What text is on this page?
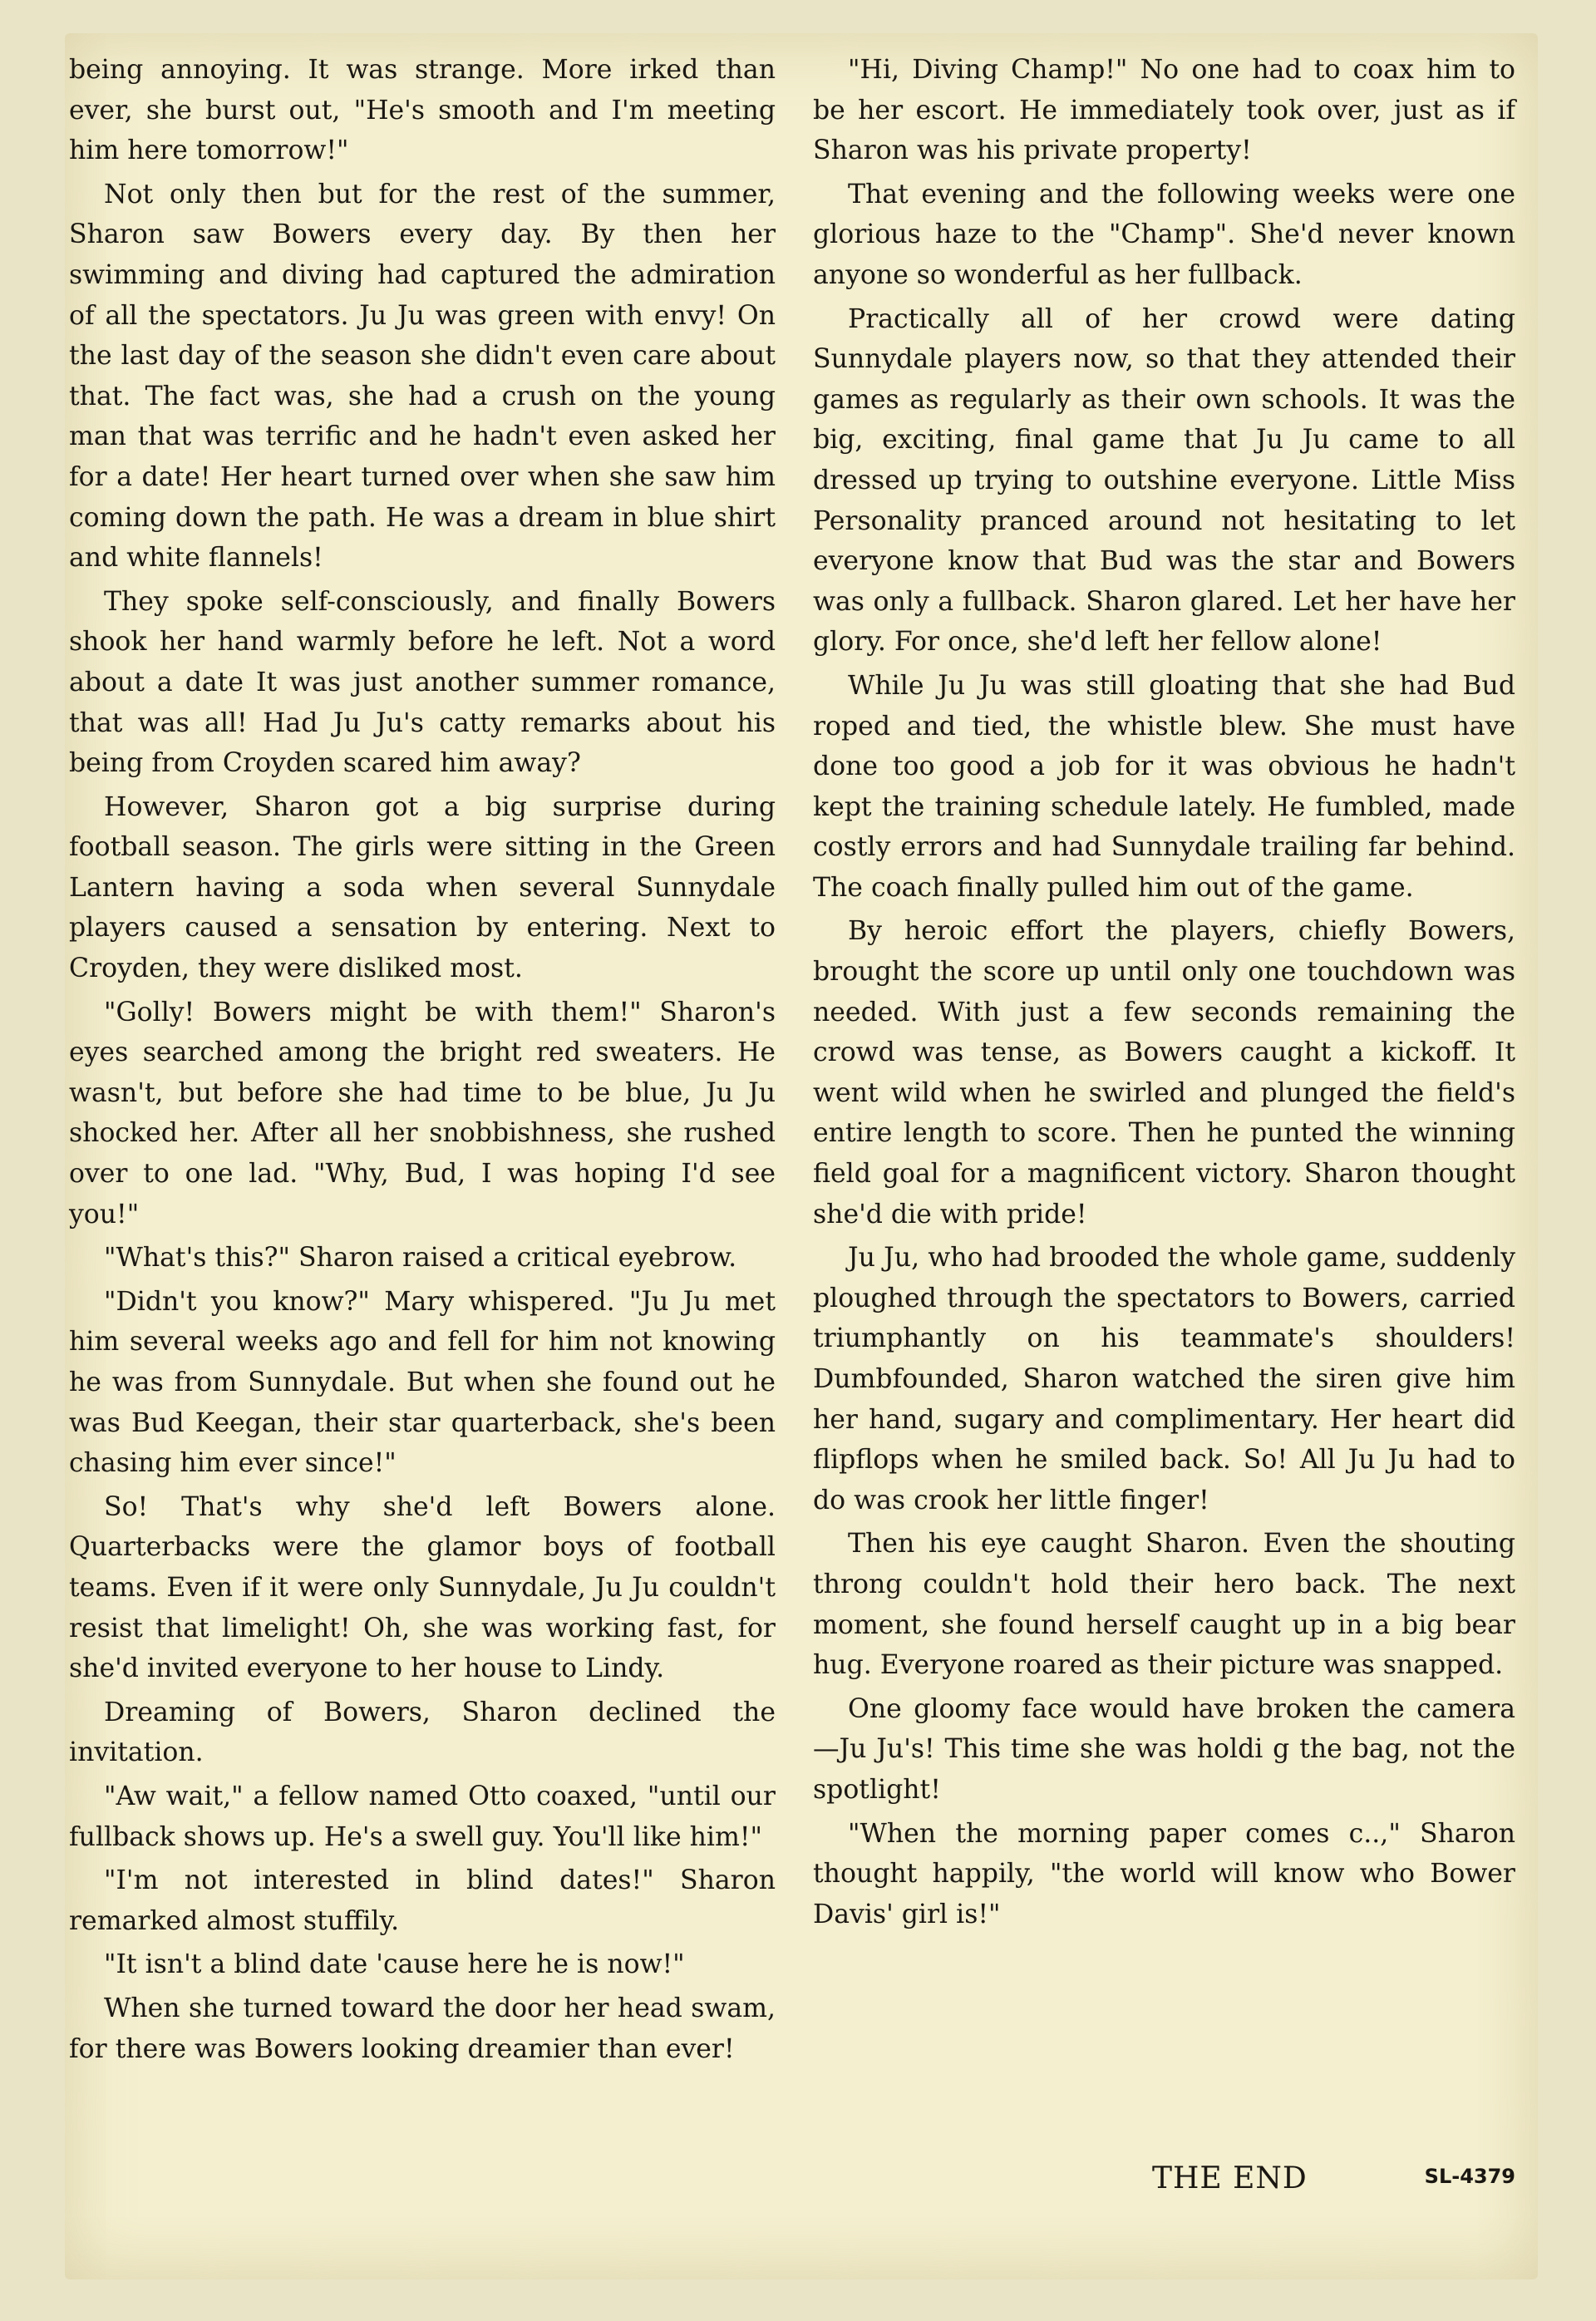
being annoying. It was strange. More irked than ever, she burst out, "He's smooth and I'm meeting him here tomorrow!"

Not only then but for the rest of the summer, Sharon saw Bowers every day. By then her swimming and diving had captured the admiration of all the spectators. Ju Ju was green with envy! On the last day of the season she didn't even care about that. The fact was, she had a crush on the young man that was terrific and he hadn't even asked her for a date! Her heart turned over when she saw him coming down the path. He was a dream in blue shirt and white flannels!

They spoke self-consciously, and finally Bowers shook her hand warmly before he left. Not a word about a date It was just another summer romance, that was all! Had Ju Ju's catty remarks about his being from Croyden scared him away?

However, Sharon got a big surprise during football season. The girls were sitting in the Green Lantern having a soda when several Sunnydale players caused a sensation by entering. Next to Croyden, they were disliked most.

"Golly! Bowers might be with them!" Sharon's eyes searched among the bright red sweaters. He wasn't, but before she had time to be blue, Ju Ju shocked her. After all her snobbishness, she rushed over to one lad. "Why, Bud, I was hoping I'd see you!"

"What's this?" Sharon raised a critical eyebrow.

"Didn't you know?" Mary whispered. "Ju Ju met him several weeks ago and fell for him not knowing he was from Sunnydale. But when she found out he was Bud Keegan, their star quarterback, she's been chasing him ever since!"

So! That's why she'd left Bowers alone. Quarterbacks were the glamor boys of football teams. Even if it were only Sunnydale, Ju Ju couldn't resist that limelight! Oh, she was working fast, for she'd invited everyone to her house to Lindy.

Dreaming of Bowers, Sharon declined the invitation.

"Aw wait," a fellow named Otto coaxed, "until our fullback shows up. He's a swell guy. You'll like him!"

"I'm not interested in blind dates!" Sharon remarked almost stuffily.

"It isn't a blind date 'cause here he is now!"

When she turned toward the door her head swam, for there was Bowers looking dreamier than ever!

"Hi, Diving Champ!" No one had to coax him to be her escort. He immediately took over, just as if Sharon was his private property!

That evening and the following weeks were one glorious haze to the "Champ". She'd never known anyone so wonderful as her fullback.

Practically all of her crowd were dating Sunnydale players now, so that they attended their games as regularly as their own schools. It was the big, exciting, final game that Ju Ju came to all dressed up trying to outshine everyone. Little Miss Personality pranced around not hesitating to let everyone know that Bud was the star and Bowers was only a fullback. Sharon glared. Let her have her glory. For once, she'd left her fellow alone!

While Ju Ju was still gloating that she had Bud roped and tied, the whistle blew. She must have done too good a job for it was obvious he hadn't kept the training schedule lately. He fumbled, made costly errors and had Sunnydale trailing far behind. The coach finally pulled him out of the game.

By heroic effort the players, chiefly Bowers, brought the score up until only one touchdown was needed. With just a few seconds remaining the crowd was tense, as Bowers caught a kickoff. It went wild when he swirled and plunged the field's entire length to score. Then he punted the winning field goal for a magnificent victory. Sharon thought she'd die with pride!

Ju Ju, who had brooded the whole game, suddenly ploughed through the spectators to Bowers, carried triumphantly on his teammate's shoulders! Dumbfounded, Sharon watched the siren give him her hand, sugary and complimentary. Her heart did flipflops when he smiled back. So! All Ju Ju had to do was crook her little finger!

Then his eye caught Sharon. Even the shouting throng couldn't hold their hero back. The next moment, she found herself caught up in a big bear hug. Everyone roared as their picture was snapped.

One gloomy face would have broken the camera —Ju Ju's! This time she was holdi g the bag, not the spotlight!

"When the morning paper comes c..," Sharon thought happily, "the world will know who Bower Davis' girl is!"

THE END	SL-4379
